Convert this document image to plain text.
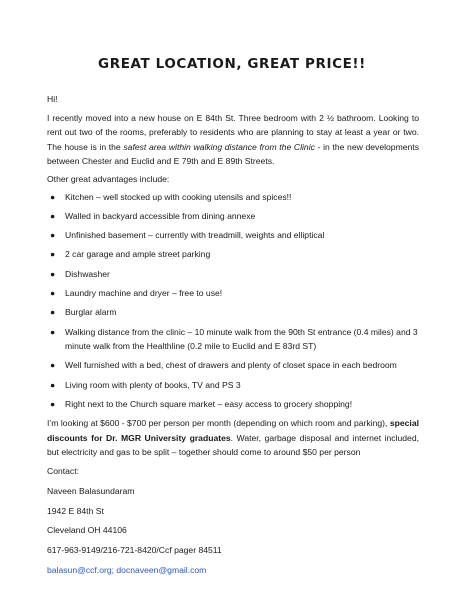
GREAT LOCATION, GREAT PRICE!!

Hi!

I recently moved into a new house on E 84th St. Three bedroom with 2 ½ bathroom. Looking to rent out two of the rooms, preferably to residents who are planning to stay at least a year or two. The house is in the safest area within walking distance from the Clinic - in the new developments between Chester and Euclid and E 79th and E 89th Streets.

Other great advantages include:

● Kitchen – well stocked up with cooking utensils and spices!!
● Walled in backyard accessible from dining annexe
● Unfinished basement – currently with treadmill, weights and elliptical
● 2 car garage and ample street parking
● Dishwasher
● Laundry machine and dryer – free to use!
● Burglar alarm
● Walking distance from the clinic – 10 minute walk from the 90th St entrance (0.4 miles) and 3 minute walk from the Healthline (0.2 mile to Euclid and E 83rd ST)
● Well furnished with a bed, chest of drawers and plenty of closet space in each bedroom
● Living room with plenty of books, TV and PS 3
● Right next to the Church square market – easy access to grocery shopping!

I’m looking at $600 - $700 per person per month (depending on which room and parking), special discounts for Dr. MGR University graduates. Water, garbage disposal and internet included, but electricity and gas to be split – together should come to around $50 per person

Contact:

Naveen Balasundaram

1942 E 84th St

Cleveland OH 44106

617-963-9149/216-721-8420/Ccf pager 84511

balasun@ccf.org; docnaveen@gmail.com
